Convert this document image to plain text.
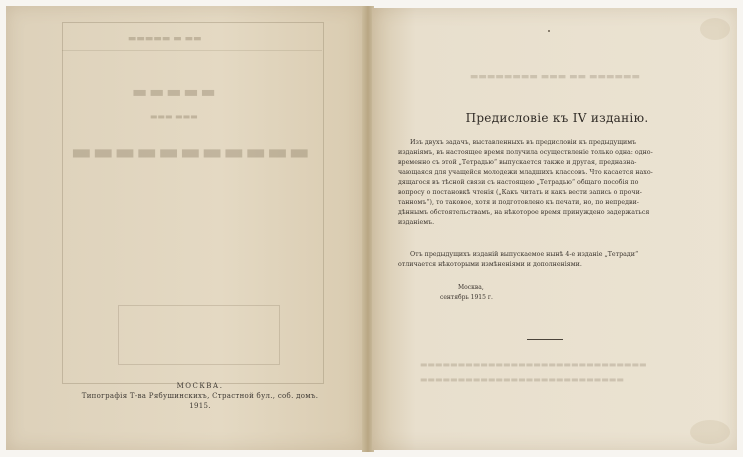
▬▬ ▬ ▬▬▬▬▬
▬▬▬▬▬
▬▬▬ ▬▬▬
▬▬▬▬▬▬▬▬▬▬▬
МОСКВА.
Типографія Т-ва Рябушинскихъ, Страстной бул., соб. домъ.
1915.
▬▬▬▬▬▬ ▬▬ ▬▬▬ ▬▬▬▬▬▬▬▬
▬▬▬▬▬▬▬▬▬▬▬▬▬▬▬▬▬▬▬▬▬▬▬▬▬▬▬▬▬▬
▬▬▬▬▬▬▬▬▬▬▬▬▬▬▬▬▬▬▬▬▬▬▬▬▬▬▬
Предисловіе къ IV изданію.
Изъ двухъ задачъ, выставленныхъ въ предисловіи къ предыдущимъ
изданіямъ, въ настоящее время получила осуществленіе только одна: одно-
временно съ этой „Тетрадью“ выпускается также и другая, предназна-
чающаяся для учащейся молодежи младшихъ классовъ. Что касается нахо-
дящагося въ тѣсной связи съ настоящею „Тетрадью“ общаго пособія по
вопросу о постановкѣ чтенія („Какъ читать и какъ вести запись о прочи-
танномъ“), то таковое, хотя и подготовлено къ печати, но, по непредви-
дѣннымъ обстоятельствамъ, на нѣкоторое время принуждено задержаться
изданіемъ.
Отъ предыдущихъ изданій выпускаемое нынѣ 4-е изданіе „Тетради“
отличается нѣкоторыми измѣненіями и дополненіями.
Москва,
сентябрь 1915 г.
